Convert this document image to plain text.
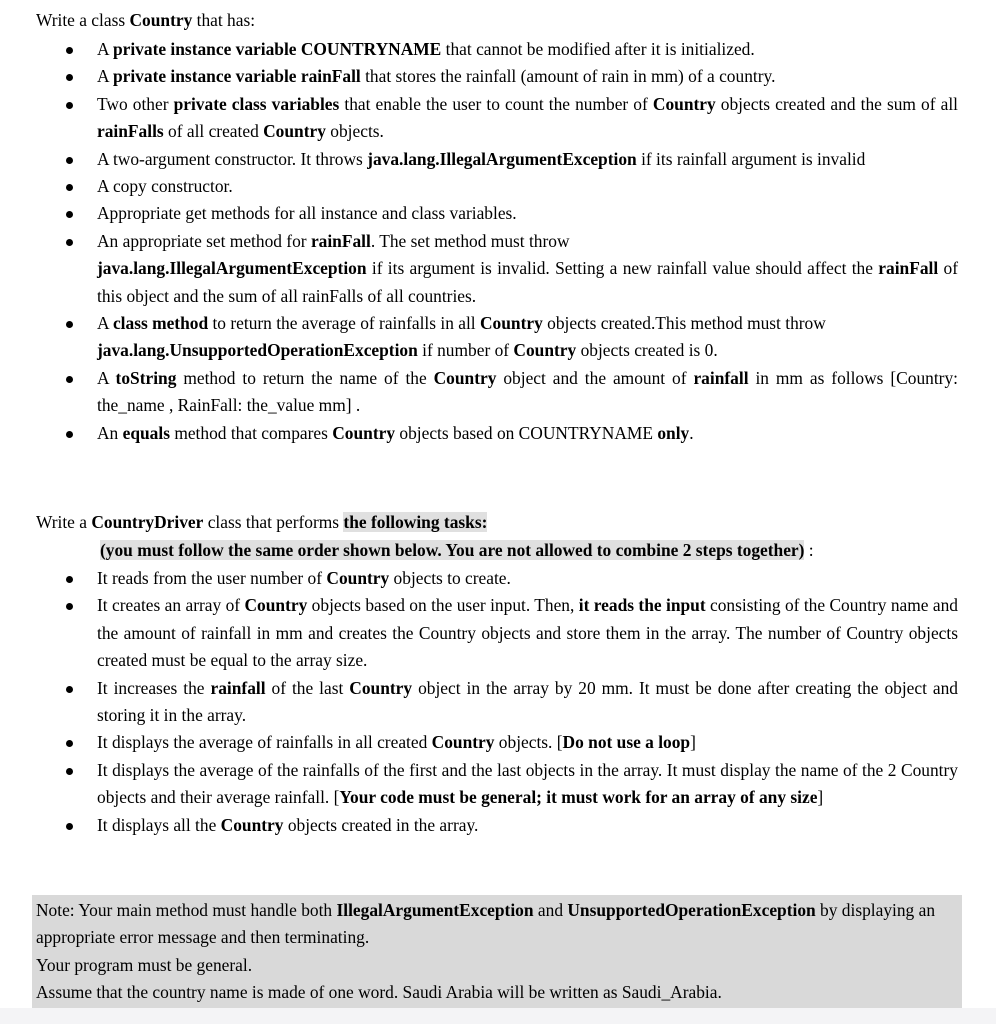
Write a class Country that has:
A private instance variable COUNTRYNAME that cannot be modified after it is initialized.
A private instance variable rainFall that stores the rainfall (amount of rain in mm) of a country.
Two other private class variables that enable the user to count the number of Country objects created and the sum of all rainFalls of all created Country objects.
A two-argument constructor. It throws java.lang.IllegalArgumentException if its rainfall argument is invalid
A copy constructor.
Appropriate get methods for all instance and class variables.
An appropriate set method for rainFall. The set method must throw
java.lang.IllegalArgumentException if its argument is invalid. Setting a new rainfall value should affect the rainFall of this object and the sum of all rainFalls of all countries.
A class method to return the average of rainfalls in all Country objects created.This method must throw
java.lang.UnsupportedOperationException if number of Country objects created is 0.
A toString method to return the name of the Country object and the amount of rainfall in mm as follows [Country: the_name , RainFall: the_value mm] .
An equals method that compares Country objects based on COUNTRYNAME only.
Write a CountryDriver class that performs the following tasks:
(you must follow the same order shown below. You are not allowed to combine 2 steps together) :
It reads from the user number of Country objects to create.
It creates an array of Country objects based on the user input. Then, it reads the input consisting of the Country name and the amount of rainfall in mm and creates the Country objects and store them in the array. The number of Country objects created must be equal to the array size.
It increases the rainfall of the last Country object in the array by 20 mm. It must be done after creating the object and storing it in the array.
It displays the average of rainfalls in all created Country objects. [Do not use a loop]
It displays the average of the rainfalls of the first and the last objects in the array. It must display the name of the 2 Country objects and their average rainfall. [Your code must be general; it must work for an array of any size]
It displays all the Country objects created in the array.
Note: Your main method must handle both IllegalArgumentException and UnsupportedOperationException by displaying an appropriate error message and then terminating.
Your program must be general.
Assume that the country name is made of one word. Saudi Arabia will be written as Saudi_Arabia.
